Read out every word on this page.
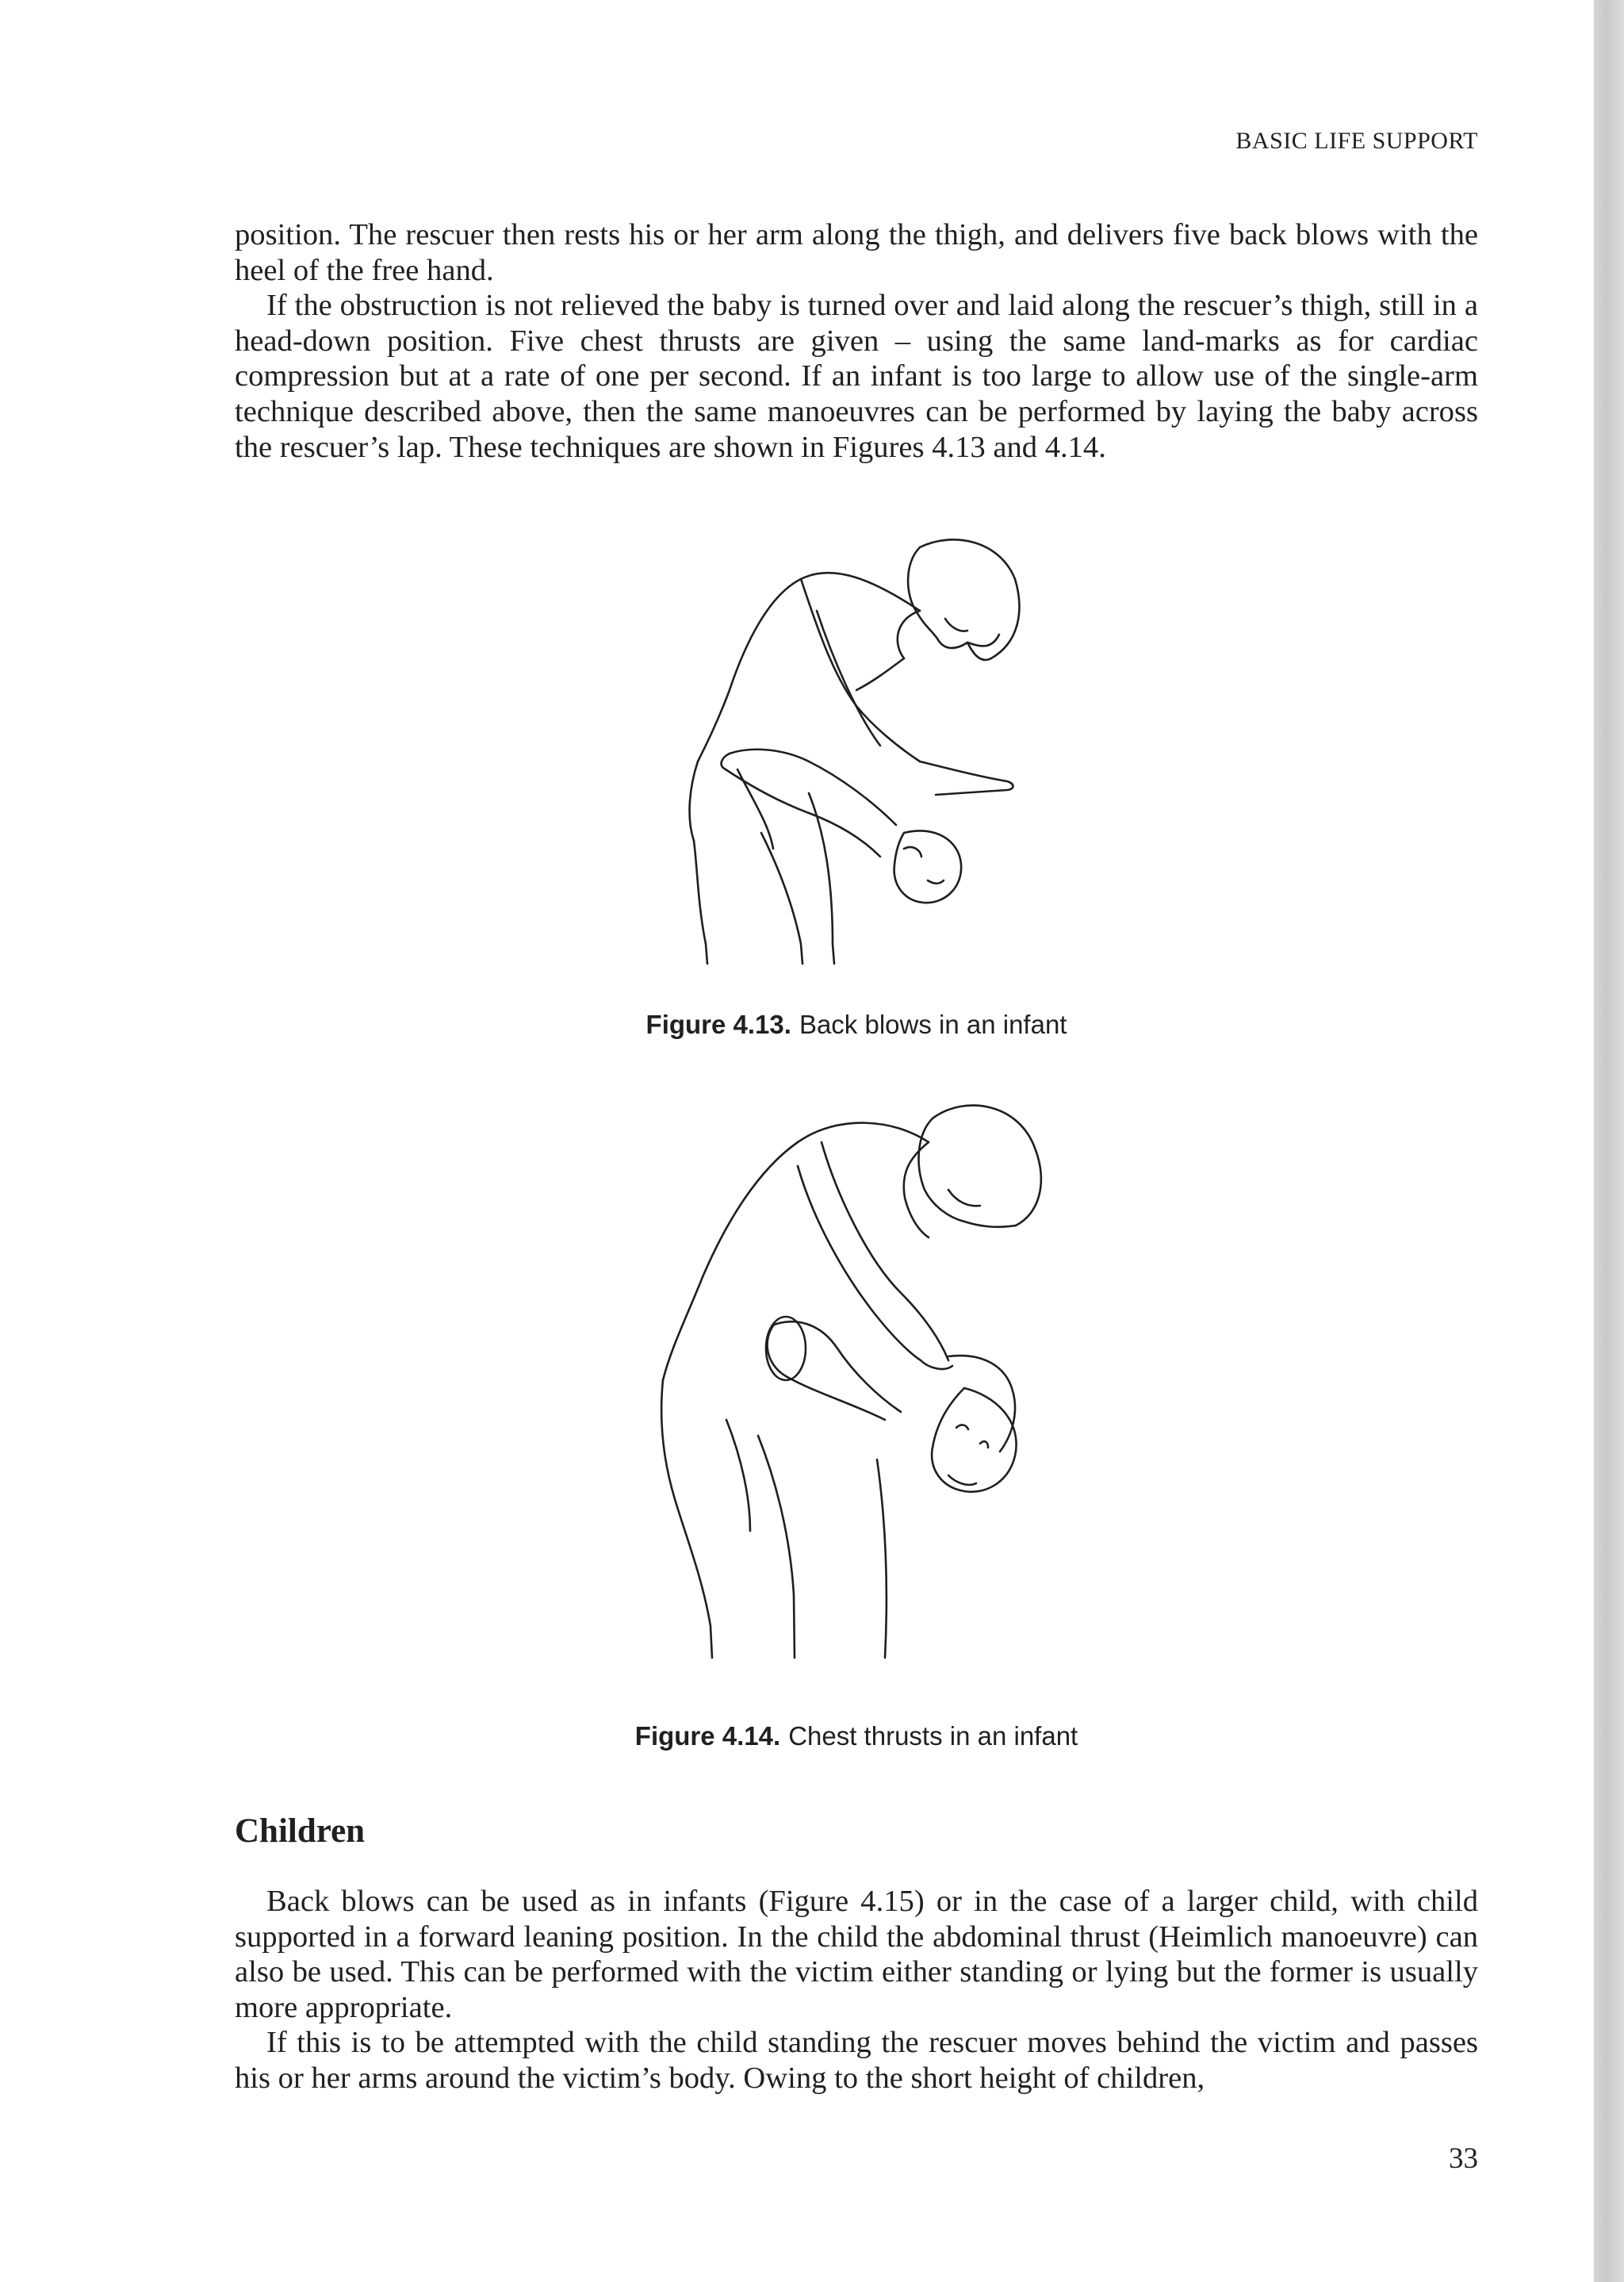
BASIC LIFE SUPPORT

position. The rescuer then rests his or her arm along the thigh, and delivers five back blows with the heel of the free hand.

If the obstruction is not relieved the baby is turned over and laid along the rescuer’s thigh, still in a head-down position. Five chest thrusts are given – using the same land-marks as for cardiac compression but at a rate of one per second. If an infant is too large to allow use of the single-arm technique described above, then the same manoeuvres can be performed by laying the baby across the rescuer’s lap. These techniques are shown in Figures 4.13 and 4.14.

Figure 4.13. Back blows in an infant
Figure 4.14. Chest thrusts in an infant
Children

Back blows can be used as in infants (Figure 4.15) or in the case of a larger child, with child supported in a forward leaning position. In the child the abdominal thrust (Heimlich manoeuvre) can also be used. This can be performed with the victim either standing or lying but the former is usually more appropriate.

If this is to be attempted with the child standing the rescuer moves behind the victim and passes his or her arms around the victim’s body. Owing to the short height of children,

33
